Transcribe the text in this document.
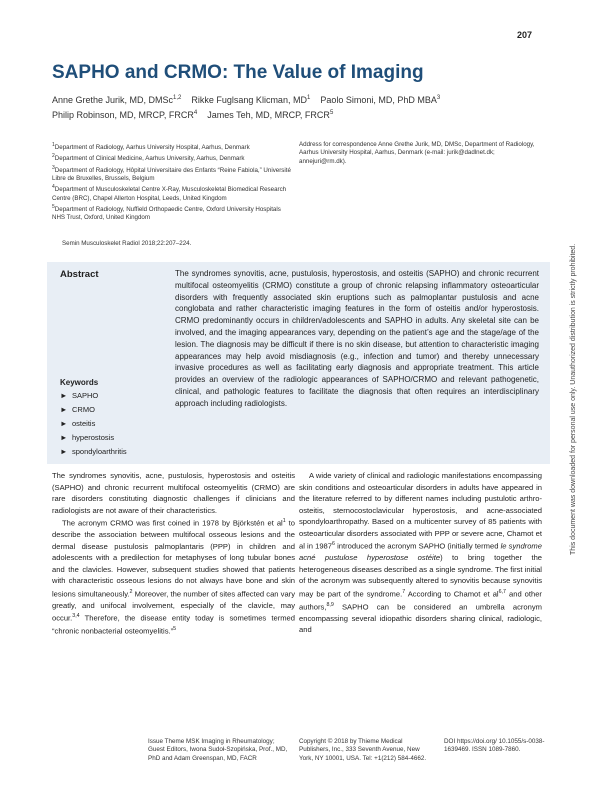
207
SAPHO and CRMO: The Value of Imaging
Anne Grethe Jurik, MD, DMSc$^{1,2}$ Rikke Fuglsang Klicman, $MD^1$ Paolo Simoni, MD, PhD MBA$^3$
Philip Robinson, MD, MRCP, FRCR$^4$ James Teh, MD, MRCP, FRCR$^5$
$^1$Department of Radiology, Aarhus University Hospital, Aarhus, Denmark
$^2$Department of Clinical Medicine, Aarhus University, Aarhus, Denmark
$^3$Department of Radiology, Hôpital Universitaire des Enfants “Reine Fabiola,” Université Libre de Bruxelles, Brussels, Belgium
$^4$Department of Musculoskeletal Centre X-Ray, Musculoskeletal Biomedical Research Centre (BRC), Chapel Allerton Hospital, Leeds, United Kingdom
$^5$Department of Radiology, Nuffield Orthopaedic Centre, Oxford University Hospitals NHS Trust, Oxford, United Kingdom
Address for correspondence Anne Grethe Jurik, MD, DMSc, Department of Radiology, Aarhus University Hospital, Aarhus, Denmark (e-mail: jurik@dadlnet.dk; annejuri@rm.dk).
Semin Musculoskelet Radiol 2018;22:207–224.
Abstract	The syndromes synovitis, acne, pustulosis, hyperostosis, and osteitis (SAPHO) and chronic recurrent multifocal osteomyelitis (CRMO) constitute a group of chronic relapsing inflammatory osteoarticular disorders with frequently associated skin eruptions such as palmoplantar pustulosis and acne conglobata and rather characteristic imaging features in the form of osteitis and/or hyperostosis. CRMO predominantly occurs in children/adolescents and SAPHO in adults. Any skeletal site can be involved, and the imaging appearances vary, depending on the patient’s age and the stage/age of the lesion. The diagnosis may be difficult if there is no skin disease, but attention to characteristic imaging appearances may help avoid misdiagnosis (e.g., infection and tumor) and thereby unnecessary invasive procedures as well as facilitating early diagnosis and appropriate treatment. This article provides an overview of the radiologic appearances of SAPHO/CRMO and relevant pathogenetic, clinical, and pathologic features to facilitate the diagnosis that often requires an interdisciplinary approach including radiologists.
Keywords
► SAPHO
► CRMO
► osteitis
► hyperostosis
► spondyloarthritis

The syndromes synovitis, acne, pustulosis, hyperostosis and osteitis (SAPHO) and chronic recurrent multifocal osteomyelitis (CRMO) are rare disorders constituting diagnostic challenges if clinicians and radiologists are not aware of their characteristics.

The acronym CRMO was first coined in 1978 by Björkstén et $al^1$ to describe the association between multifocal osseous lesions and the dermal disease pustulosis palmoplantaris (PPP) in children and adolescents with a predilection for metaphyses of long tubular bones and the clavicles. However, subsequent studies showed that patients with characteristic osseous lesions do not always have bone and skin lesions simultaneously.$^2$ Moreover, the number of sites affected can vary greatly, and unifocal involvement, especially of the clavicle, may occur.$^{3,4}$ Therefore, the disease entity today is sometimes termed “chronic nonbacterial osteomyelitis.”$^5$

A wide variety of clinical and radiologic manifestations encompassing skin conditions and osteoarticular disorders in adults have appeared in the literature referred to by different names including pustulotic arthro-osteitis, sternocostoclavicular hyperostosis, and acne-associated spondyloarthropathy. Based on a multicenter survey of 85 patients with osteoarticular disorders associated with PPP or severe acne, Chamot et al in 1987$^6$ introduced the acronym SAPHO (initially termed le syndrome acné pustulose hyperostose ostéite) to bring together the heterogeneous diseases described as a single syndrome. The first initial of the acronym was subsequently altered to synovitis because synovitis may be part of the syndrome.$^7$ According to Chamot et al$^{6,7}$ and other authors,$^{8,9}$ SAPHO can be considered an umbrella acronym encompassing several idiopathic disorders sharing clinical, radiologic, and

Issue Theme MSK Imaging in Rheumatology; Guest Editors, Iwona Sudoł-Szopińska, Prof., MD, PhD and Adam Greenspan, MD, FACR
Copyright © 2018 by Thieme Medical Publishers, Inc., 333 Seventh Avenue, New York, NY 10001, USA. Tel: +1(212) 584-4662.
DOI https://doi.org/ 10.1055/s-0038-1639469. ISSN 1089-7860.
This document was downloaded for personal use only. Unauthorized distribution is strictly prohibited.
